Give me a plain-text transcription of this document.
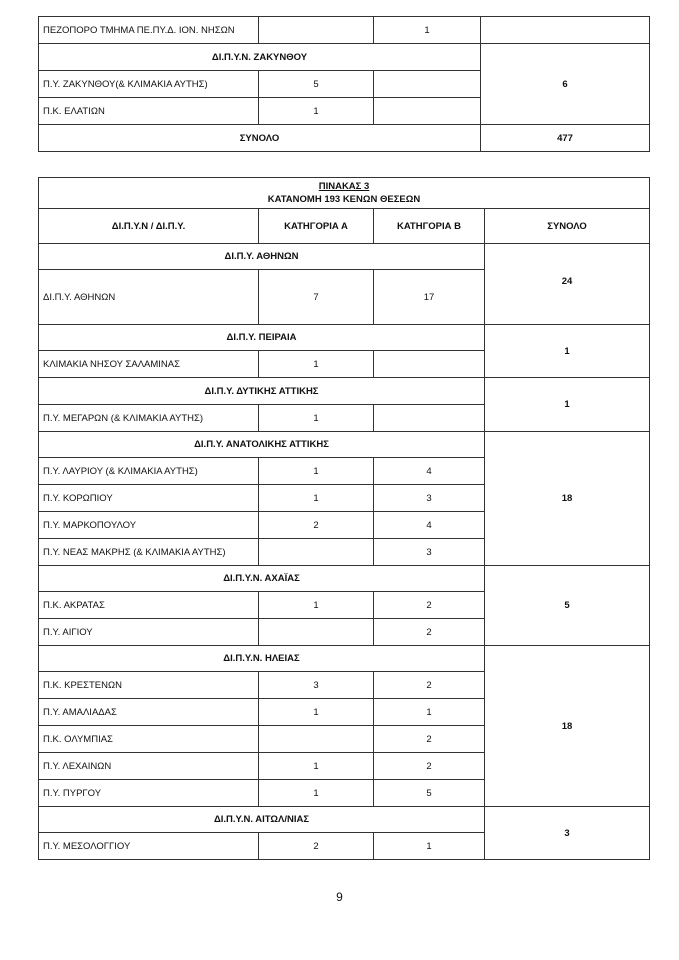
ΠΕΖΟΠΟΡΟ ΤΜΗΜΑ ΠΕ.ΠΥ.Δ. ΙΟΝ. ΝΗΣΩΝ		1	
ΔΙ.Π.Υ.Ν. ΖΑΚΥΝΘΟΥ			6
Π.Υ. ΖΑΚΥΝΘΟΥ(& ΚΛΙΜΑΚΙΑ ΑΥΤΗΣ)	5		
Π.Κ. ΕΛΑΤΙΩΝ	1		
ΣΥΝΟΛΟ			477
ΠΙΝΑΚΑΣ 3
ΚΑΤΑΝΟΜΗ 193 ΚΕΝΩΝ ΘΕΣΕΩΝ			
ΔΙ.Π.Υ.Ν / ΔΙ.Π.Υ.	ΚΑΤΗΓΟΡΙΑ Α	ΚΑΤΗΓΟΡΙΑ Β	ΣΥΝΟΛΟ
ΔΙ.Π.Υ. ΑΘΗΝΩΝ			24
ΔΙ.Π.Υ. ΑΘΗΝΩΝ	7	17	
ΔΙ.Π.Υ. ΠΕΙΡΑΙΑ			1
ΚΛΙΜΑΚΙΑ ΝΗΣΟΥ ΣΑΛΑΜΙΝΑΣ	1		
ΔΙ.Π.Υ. ΔΥΤΙΚΗΣ ΑΤΤΙΚΗΣ			1
Π.Υ. ΜΕΓΑΡΩΝ (& ΚΛΙΜΑΚΙΑ ΑΥΤΗΣ)	1		
ΔΙ.Π.Υ. ΑΝΑΤΟΛΙΚΗΣ ΑΤΤΙΚΗΣ			18
Π.Υ. ΛΑΥΡΙΟΥ (& ΚΛΙΜΑΚΙΑ ΑΥΤΗΣ)	1	4	
Π.Υ. ΚΟΡΩΠΙΟΥ	1	3	
Π.Υ. ΜΑΡΚΟΠΟΥΛΟΥ	2	4	
Π.Υ. ΝΕΑΣ ΜΑΚΡΗΣ (& ΚΛΙΜΑΚΙΑ ΑΥΤΗΣ)		3	
ΔΙ.Π.Υ.Ν. ΑΧΑΪΑΣ			5
Π.Κ. ΑΚΡΑΤΑΣ	1	2	
Π.Υ. ΑΙΓΙΟΥ		2	
ΔΙ.Π.Υ.Ν. ΗΛΕΙΑΣ			18
Π.Κ. ΚΡΕΣΤΕΝΩΝ	3	2	
Π.Υ. ΑΜΑΛΙΑΔΑΣ	1	1	
Π.Κ. ΟΛΥΜΠΙΑΣ		2	
Π.Υ. ΛΕΧΑΙΝΩΝ	1	2	
Π.Υ. ΠΥΡΓΟΥ	1	5	
ΔΙ.Π.Υ.Ν. ΑΙΤΩΛ/ΝΙΑΣ			3
Π.Υ. ΜΕΣΟΛΟΓΓΙΟΥ	2	1	
9
